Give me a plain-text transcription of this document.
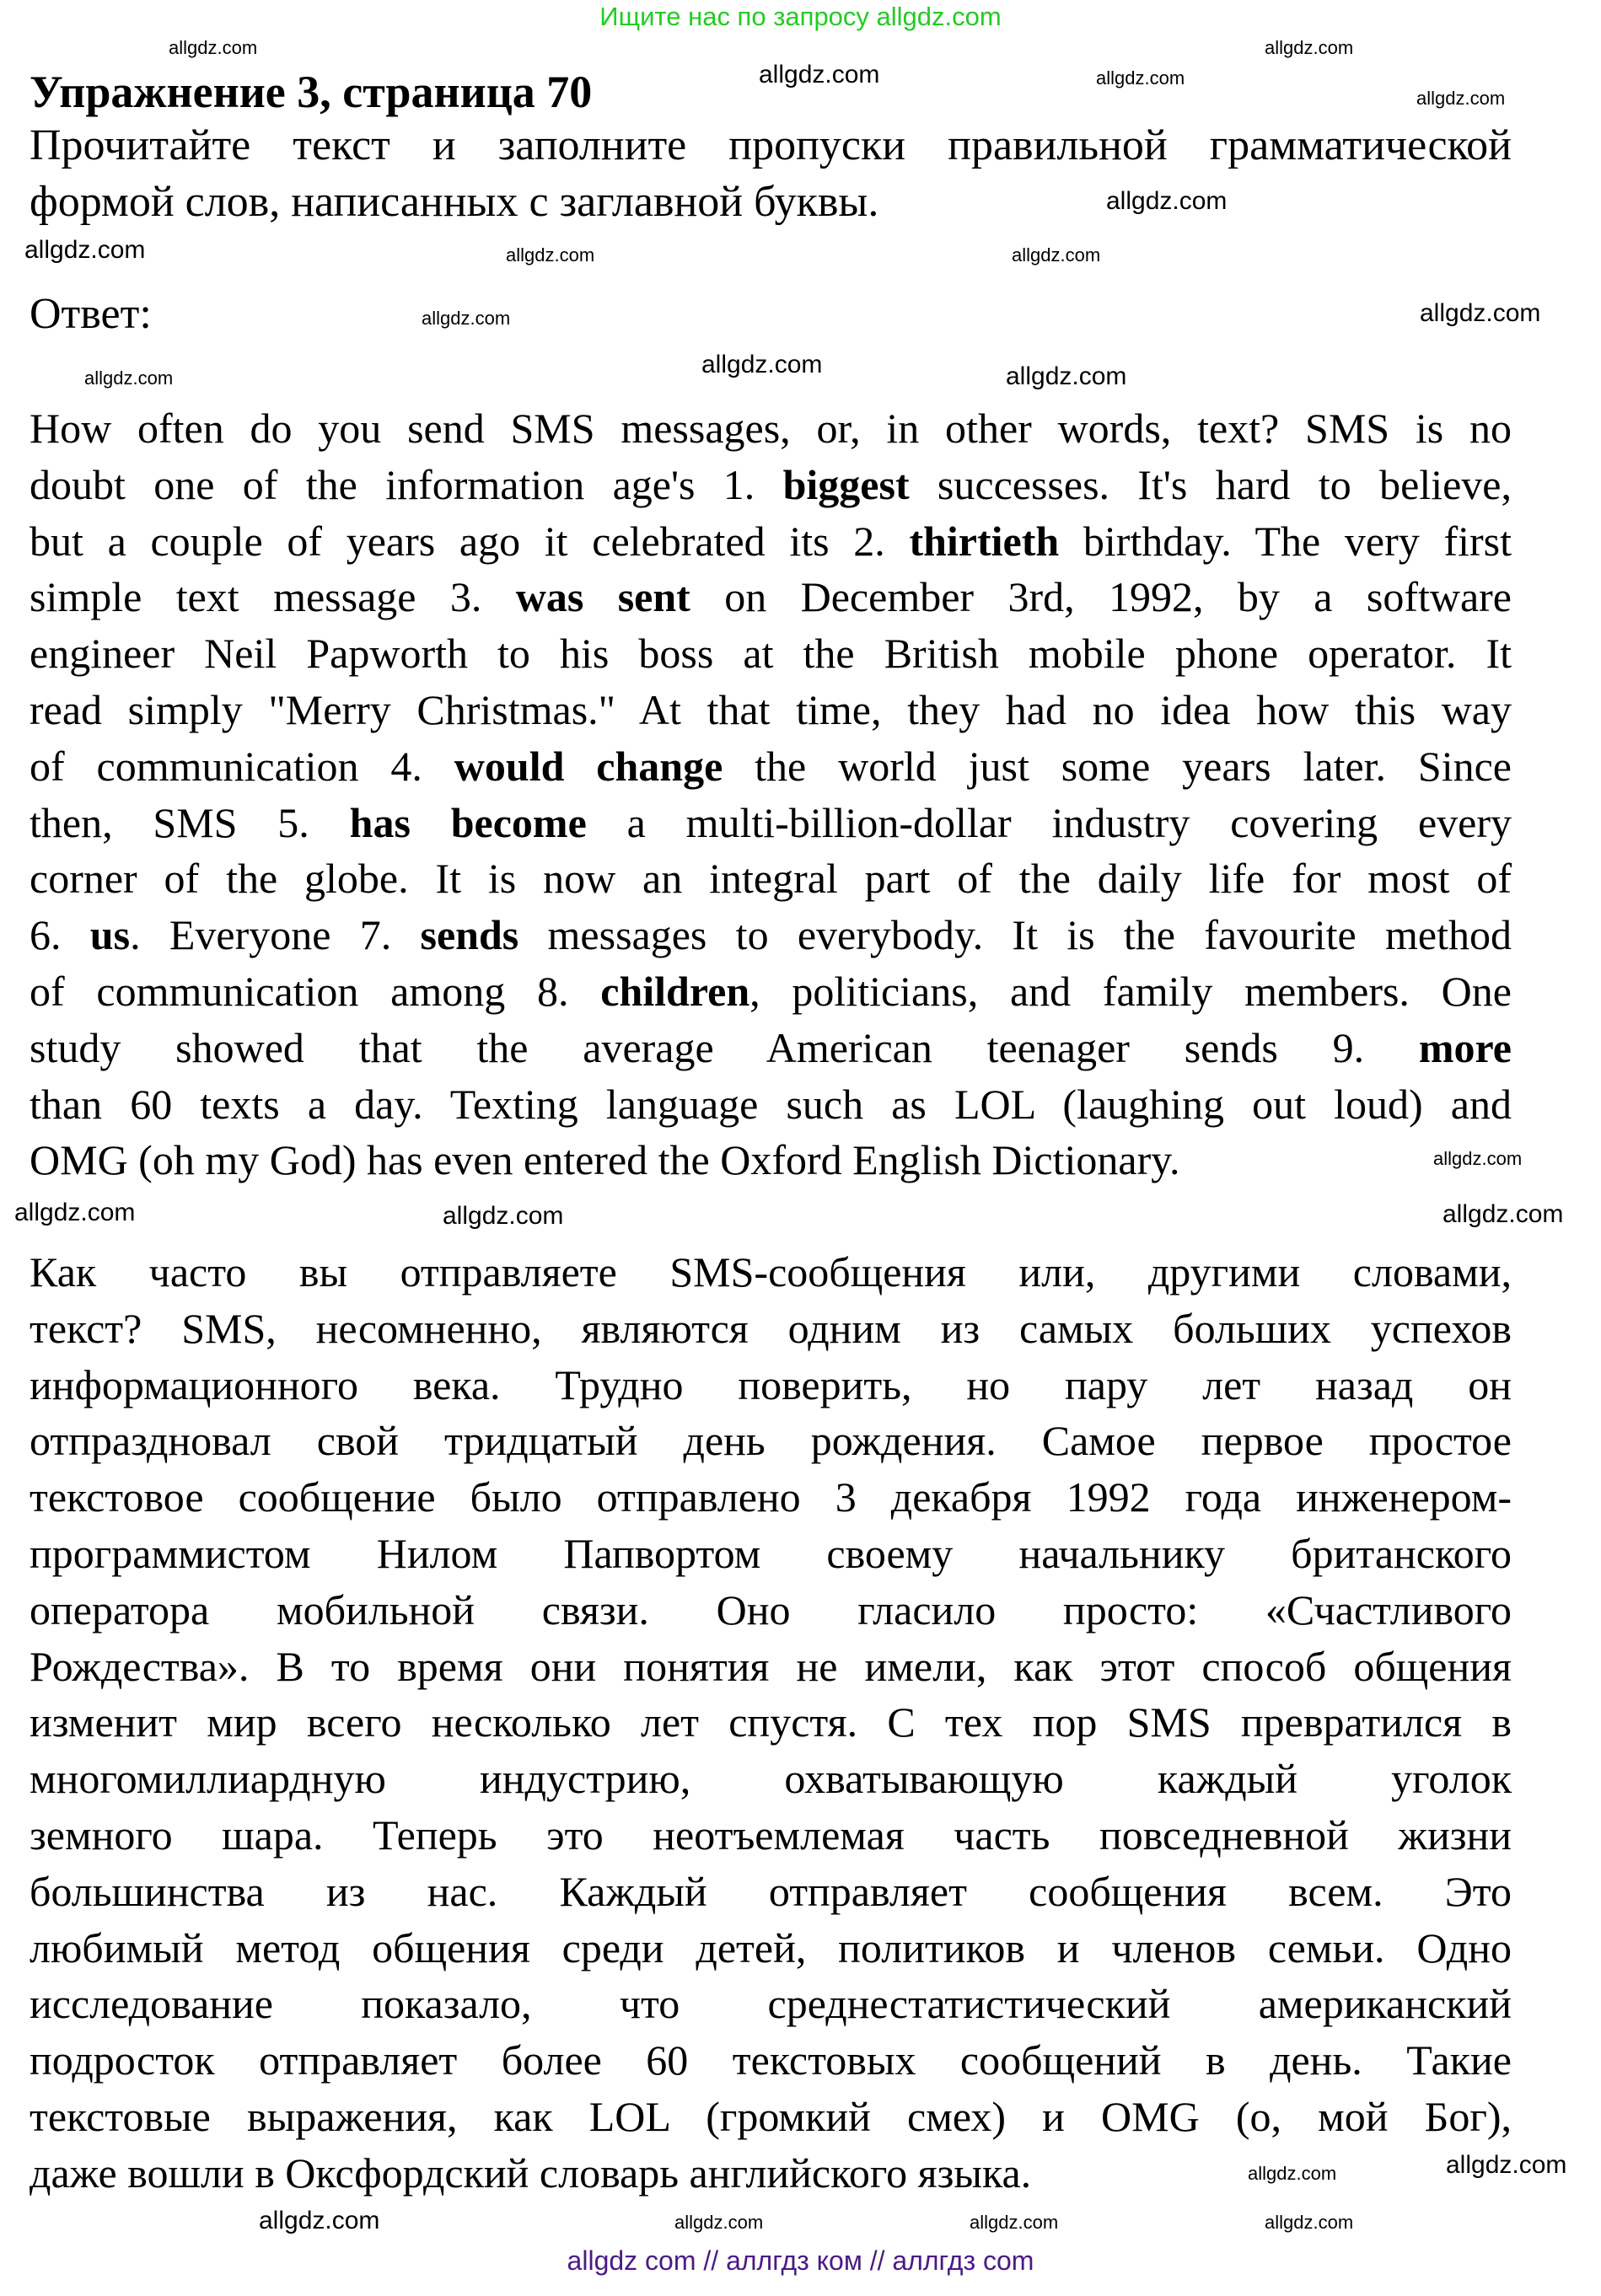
Ищите нас по запросу allgdz.com
Упражнение 3, страница 70
Прочитайте текст и заполните пропуски правильной грамматической
формой слов, написанных с заглавной буквы.
Ответ:
How often do you send SMS messages, or, in other words, text? SMS is no
doubt one of the information age's 1. biggest successes. It's hard to believe,
but a couple of years ago it celebrated its 2. thirtieth birthday. The very first
simple text message 3. was sent on December 3rd, 1992, by a software
engineer Neil Papworth to his boss at the British mobile phone operator. It
read simply "Merry Christmas." At that time, they had no idea how this way
of communication 4. would change the world just some years later. Since
then, SMS 5. has become a multi-billion-dollar industry covering every
corner of the globe. It is now an integral part of the daily life for most of
6. us. Everyone 7. sends messages to everybody. It is the favourite method
of communication among 8. children, politicians, and family members. One
study showed that the average American teenager sends 9. more
than 60 texts a day. Texting language such as LOL (laughing out loud) and
OMG (oh my God) has even entered the Oxford English Dictionary.
Как часто вы отправляете SMS-сообщения или, другими словами,
текст? SMS, несомненно, являются одним из самых больших успехов
информационного века. Трудно поверить, но пару лет назад он
отпраздновал свой тридцатый день рождения. Самое первое простое
текстовое сообщение было отправлено 3 декабря 1992 года инженером-
программистом Нилом Папвортом своему начальнику британского
оператора мобильной связи. Оно гласило просто: «Счастливого
Рождества». В то время они понятия не имели, как этот способ общения
изменит мир всего несколько лет спустя. С тех пор SMS превратился в
многомиллиардную индустрию, охватывающую каждый уголок
земного шара. Теперь это неотъемлемая часть повседневной жизни
большинства из нас. Каждый отправляет сообщения всем. Это
любимый метод общения среди детей, политиков и членов семьи. Одно
исследование показало, что среднестатистический американский
подросток отправляет более 60 текстовых сообщений в день. Такие
текстовые выражения, как LOL (громкий смех) и OMG (о, мой Бог),
даже вошли в Оксфордский словарь английского языка.
allgdz.com
allgdz.com
allgdz.com
allgdz.com
allgdz.com
allgdz.com	allgdz.com
allgdz.com
allgdz.com
allgdz.com	allgdz.com
allgdz.com
allgdz.com	allgdz.com
allgdz.com
allgdz.com	allgdz.com
allgdz.com	allgdz.com
allgdz.com
allgdz.com
allgdz.com
allgdz.com
allgdz.com
allgdz com // аллгдз ком // аллгдз com
